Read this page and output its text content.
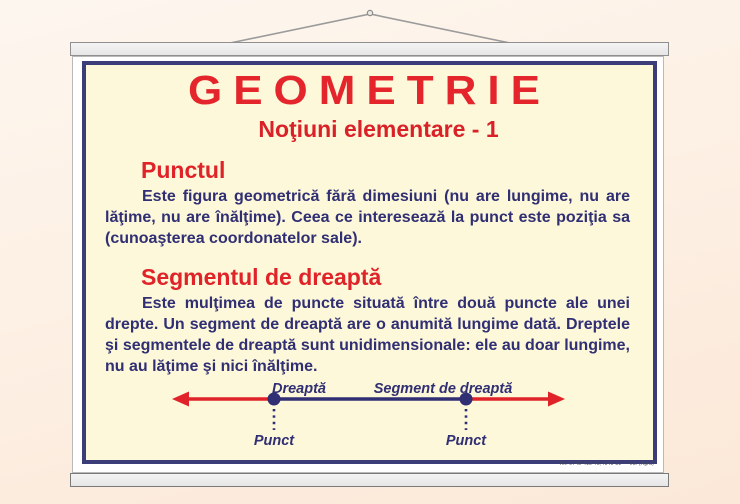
GEOMETRIE
Noţiuni elementare - 1
Punctul

Este figura geometrică fără dimesiuni (nu are lungime, nu are lăţime, nu are înălţime). Ceea ce interesează la punct este poziţia sa (cunoaşterea coordonatelor sale).

Segmentul de dreaptă

Este mulţimea de puncte situată între două puncte ale unei drepte. Un segment de dreaptă are o anumită lungime dată. Dreptele şi segmentele de dreaptă sunt unidimensionale: ele au doar lungime, nu au lăţime şi nici înălţime.

Dreaptă	Segment de dreaptă
Punct	Punct
Tel: 0745-415-45; /545-31 — ed. (Agra)
